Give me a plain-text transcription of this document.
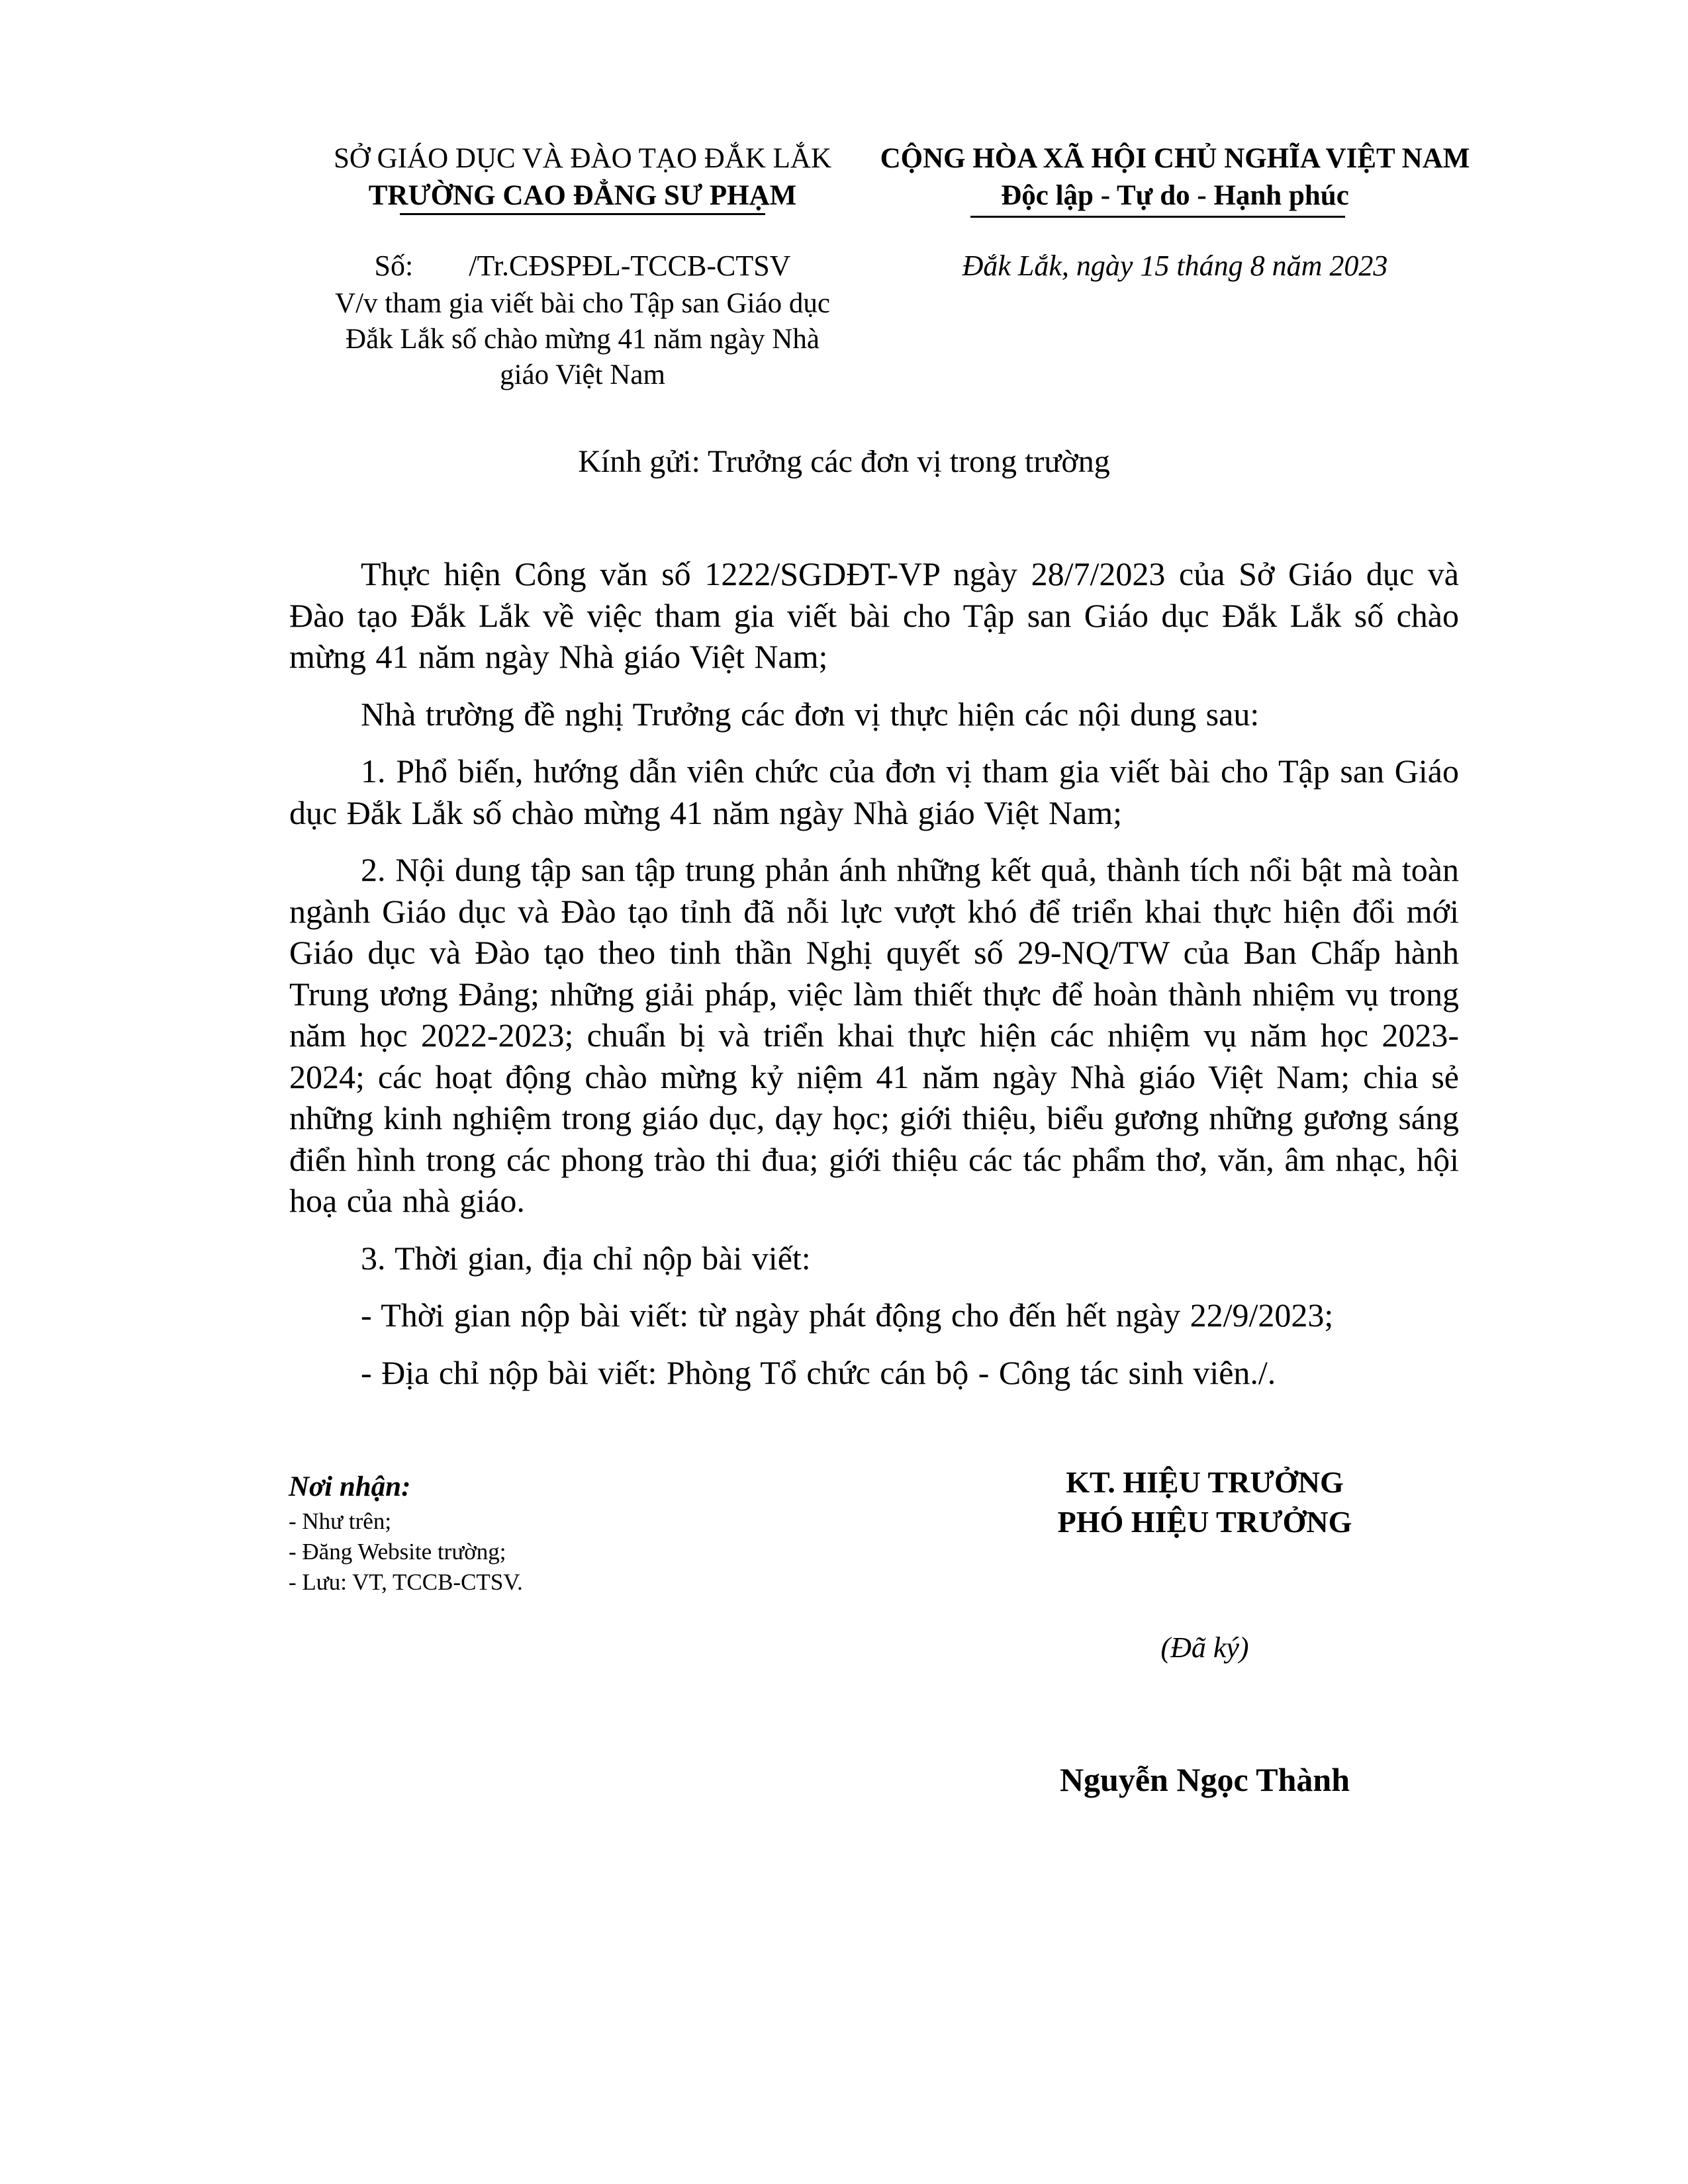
SỞ GIÁO DỤC VÀ ĐÀO TẠO ĐẮK LẮK
TRƯỜNG CAO ĐẲNG SƯ PHẠM
CỘNG HÒA XÃ HỘI CHỦ NGHĨA VIỆT NAM
Độc lập - Tự do - Hạnh phúc
Số: /Tr.CĐSPĐL-TCCB-CTSV
V/v tham gia viết bài cho Tập san Giáo dục
Đắk Lắk số chào mừng 41 năm ngày Nhà
giáo Việt Nam
Đắk Lắk, ngày 15 tháng 8 năm 2023
Kính gửi: Trưởng các đơn vị trong trường

Thực hiện Công văn số 1222/SGDĐT-VP ngày 28/7/2023 của Sở Giáo dục và Đào tạo Đắk Lắk về việc tham gia viết bài cho Tập san Giáo dục Đắk Lắk số chào mừng 41 năm ngày Nhà giáo Việt Nam;

Nhà trường đề nghị Trưởng các đơn vị thực hiện các nội dung sau:

1. Phổ biến, hướng dẫn viên chức của đơn vị tham gia viết bài cho Tập san Giáo dục Đắk Lắk số chào mừng 41 năm ngày Nhà giáo Việt Nam;

2. Nội dung tập san tập trung phản ánh những kết quả, thành tích nổi bật mà toàn ngành Giáo dục và Đào tạo tỉnh đã nỗi lực vượt khó để triển khai thực hiện đổi mới Giáo dục và Đào tạo theo tinh thần Nghị quyết số 29-NQ/TW của Ban Chấp hành Trung ương Đảng; những giải pháp, việc làm thiết thực để hoàn thành nhiệm vụ trong năm học 2022-2023; chuẩn bị và triển khai thực hiện các nhiệm vụ năm học 2023-2024; các hoạt động chào mừng kỷ niệm 41 năm ngày Nhà giáo Việt Nam; chia sẻ những kinh nghiệm trong giáo dục, dạy học; giới thiệu, biểu gương những gương sáng điển hình trong các phong trào thi đua; giới thiệu các tác phẩm thơ, văn, âm nhạc, hội hoạ của nhà giáo.

3. Thời gian, địa chỉ nộp bài viết:

- Thời gian nộp bài viết: từ ngày phát động cho đến hết ngày 22/9/2023;

- Địa chỉ nộp bài viết: Phòng Tổ chức cán bộ - Công tác sinh viên./.

Nơi nhận:
- Như trên;
- Đăng Website trường;
- Lưu: VT, TCCB-CTSV.
KT. HIỆU TRƯỞNG
PHÓ HIỆU TRƯỞNG
(Đã ký)
Nguyễn Ngọc Thành
